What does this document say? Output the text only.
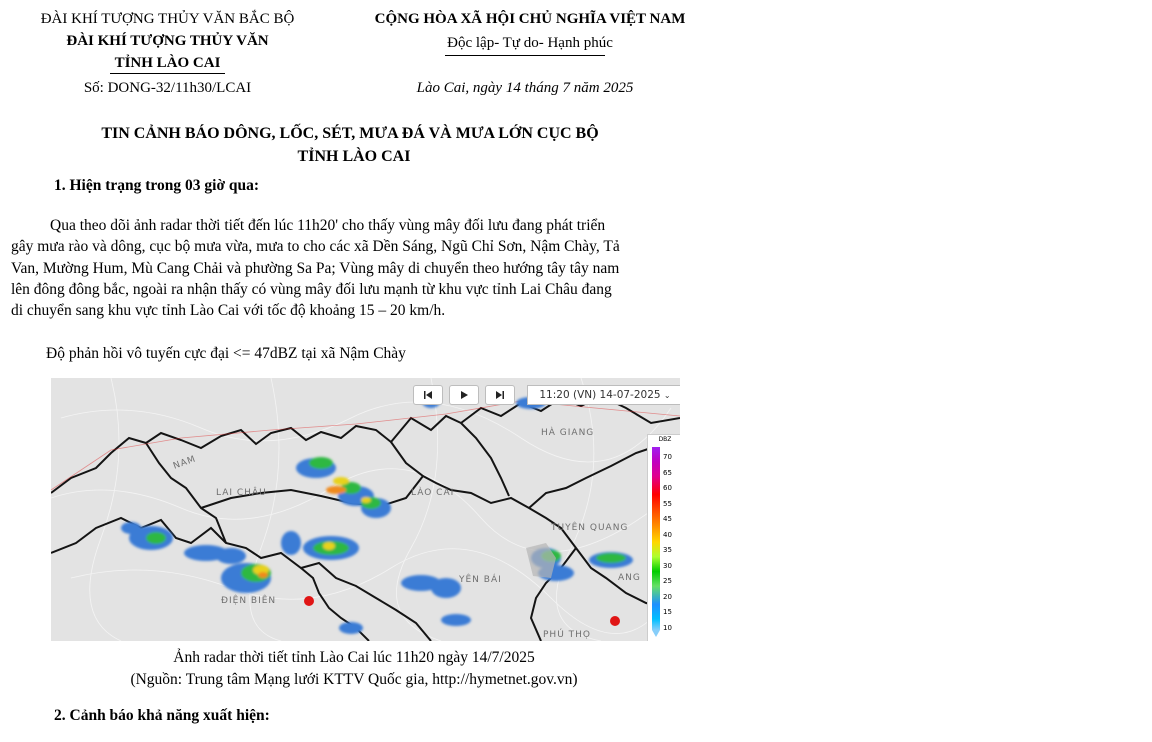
ĐÀI KHÍ TƯỢNG THỦY VĂN BẮC BỘ
ĐÀI KHÍ TƯỢNG THỦY VĂN
TỈNH LÀO CAI
Số: DONG-32/11h30/LCAI
CỘNG HÒA XÃ HỘI CHỦ NGHĨA VIỆT NAM
Độc lập- Tự do- Hạnh phúc
Lào Cai, ngày 14 tháng 7 năm 2025
TIN CẢNH BÁO DÔNG, LỐC, SÉT, MƯA ĐÁ VÀ MƯA LỚN CỤC BỘ
TỈNH LÀO CAI
1. Hiện trạng trong 03 giờ qua:
Qua theo dõi ảnh radar thời tiết đến lúc 11h20' cho thấy vùng mây đối lưu đang phát triển
gây mưa rào và dông, cục bộ mưa vừa, mưa to cho các xã Dền Sáng, Ngũ Chỉ Sơn, Nậm Chày, Tả
Van, Mường Hum, Mù Cang Chải và phường Sa Pa; Vùng mây di chuyển theo hướng tây tây nam
lên đông đông bắc, ngoài ra nhận thấy có vùng mây đối lưu mạnh từ khu vực tỉnh Lai Châu đang
di chuyển sang khu vực tỉnh Lào Cai với tốc độ khoảng 15 – 20 km/h.
Độ phản hồi vô tuyến cực đại <= 47dBZ tại xã Nậm Chày
NAM
LAI CHÂU	LÀO CAI
HÀ GIANG
TUYÊN QUANG
ANG
YÊN BÁI
ĐIỆN BIÊN
PHÚ THỌ
11:20 (VN) 14-07-2025 ⌄
DBZ
70
65
60
55
45
40
35
30
25
20
15
10
Ảnh radar thời tiết tỉnh Lào Cai lúc 11h20 ngày 14/7/2025
(Nguồn: Trung tâm Mạng lưới KTTV Quốc gia, http://hymetnet.gov.vn)
2. Cảnh báo khả năng xuất hiện:
